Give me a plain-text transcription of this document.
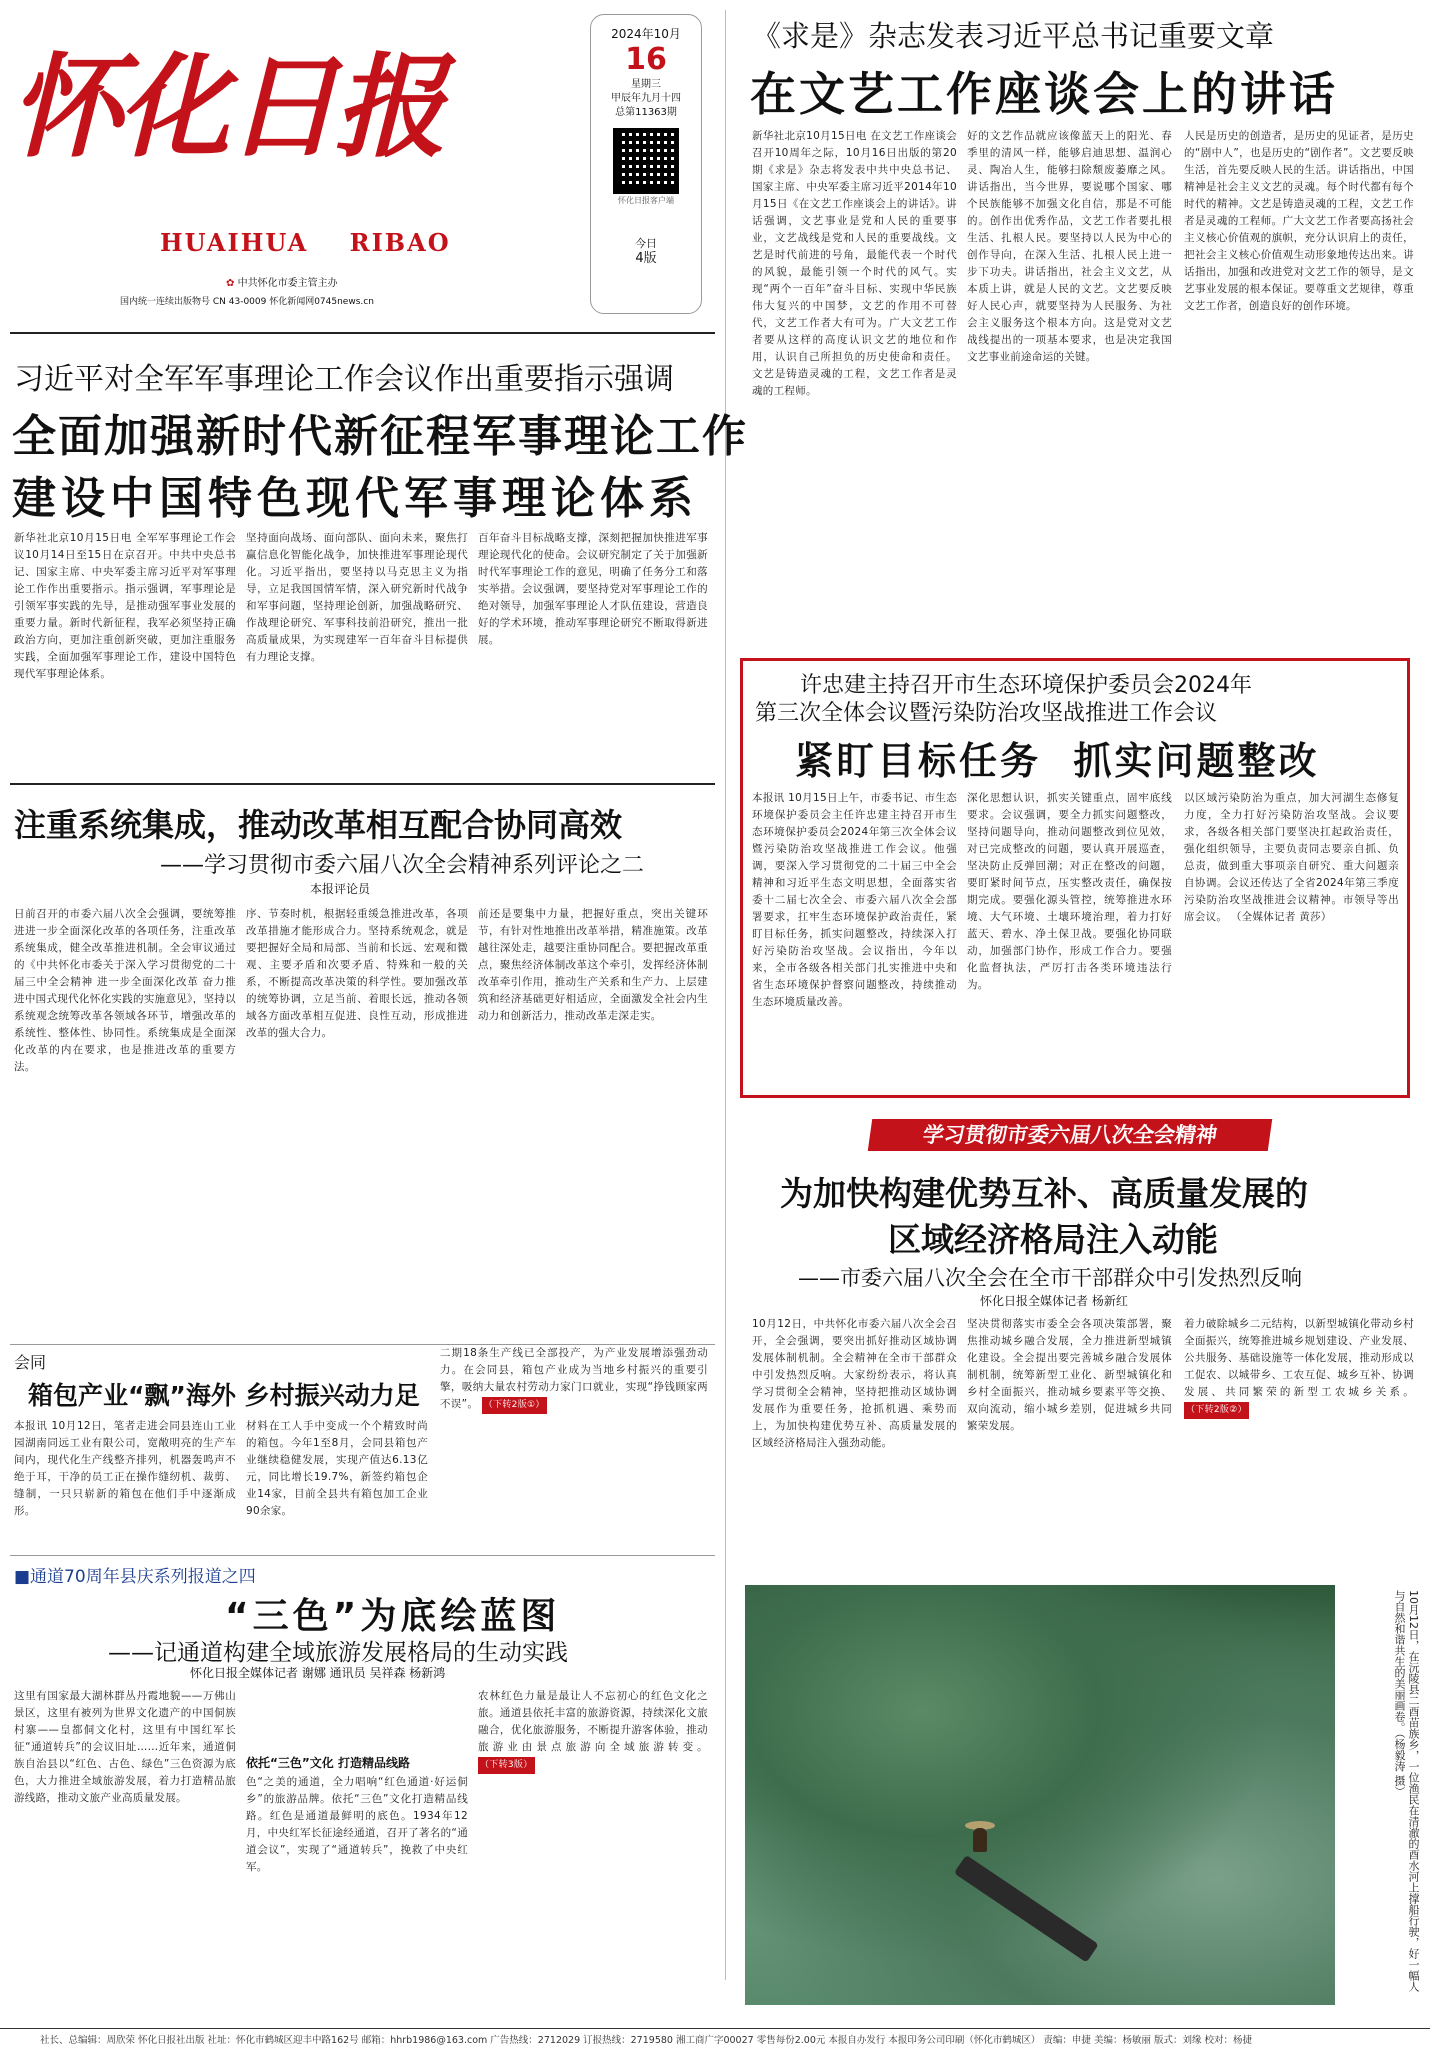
怀化日报
HUAIHUA    RIBAO
✿ 中共怀化市委主管主办
国内统一连续出版物号 CN 43-0009 怀化新闻网0745news.cn
2024年10月
16
星期三
甲辰年九月十四
总第11363期
怀化日报客户端
今日
4版
《求是》杂志发表习近平总书记重要文章
在文艺工作座谈会上的讲话
新华社北京10月15日电 在文艺工作座谈会召开10周年之际，10月16日出版的第20期《求是》杂志将发表中共中央总书记、国家主席、中央军委主席习近平2014年10月15日《在文艺工作座谈会上的讲话》。讲话强调，文艺事业是党和人民的重要事业，文艺战线是党和人民的重要战线。文艺是时代前进的号角，最能代表一个时代的风貌，最能引领一个时代的风气。实现“两个一百年”奋斗目标、实现中华民族伟大复兴的中国梦，文艺的作用不可替代，文艺工作者大有可为。广大文艺工作者要从这样的高度认识文艺的地位和作用，认识自己所担负的历史使命和责任。文艺是铸造灵魂的工程，文艺工作者是灵魂的工程师。
好的文艺作品就应该像蓝天上的阳光、春季里的清风一样，能够启迪思想、温润心灵、陶冶人生，能够扫除颓废萎靡之风。讲话指出，当今世界，要说哪个国家、哪个民族能够不加强文化自信，那是不可能的。创作出优秀作品，文艺工作者要扎根生活、扎根人民。要坚持以人民为中心的创作导向，在深入生活、扎根人民上进一步下功夫。讲话指出，社会主义文艺，从本质上讲，就是人民的文艺。文艺要反映好人民心声，就要坚持为人民服务、为社会主义服务这个根本方向。这是党对文艺战线提出的一项基本要求，也是决定我国文艺事业前途命运的关键。
人民是历史的创造者，是历史的见证者，是历史的“剧中人”，也是历史的“剧作者”。文艺要反映生活，首先要反映人民的生活。讲话指出，中国精神是社会主义文艺的灵魂。每个时代都有每个时代的精神。文艺是铸造灵魂的工程，文艺工作者是灵魂的工程师。广大文艺工作者要高扬社会主义核心价值观的旗帜，充分认识肩上的责任，把社会主义核心价值观生动形象地传达出来。讲话指出，加强和改进党对文艺工作的领导，是文艺事业发展的根本保证。要尊重文艺规律，尊重文艺工作者，创造良好的创作环境。
习近平对全军军事理论工作会议作出重要指示强调
全面加强新时代新征程军事理论工作
建设中国特色现代军事理论体系
新华社北京10月15日电 全军军事理论工作会议10月14日至15日在京召开。中共中央总书记、国家主席、中央军委主席习近平对军事理论工作作出重要指示。指示强调，军事理论是引领军事实践的先导，是推动强军事业发展的重要力量。新时代新征程，我军必须坚持正确政治方向，更加注重创新突破，更加注重服务实践，全面加强军事理论工作，建设中国特色现代军事理论体系。
坚持面向战场、面向部队、面向未来，聚焦打赢信息化智能化战争，加快推进军事理论现代化。习近平指出，要坚持以马克思主义为指导，立足我国国情军情，深入研究新时代战争和军事问题，坚持理论创新，加强战略研究、作战理论研究、军事科技前沿研究，推出一批高质量成果，为实现建军一百年奋斗目标提供有力理论支撑。
百年奋斗目标战略支撑，深刻把握加快推进军事理论现代化的使命。会议研究制定了关于加强新时代军事理论工作的意见，明确了任务分工和落实举措。会议强调，要坚持党对军事理论工作的绝对领导，加强军事理论人才队伍建设，营造良好的学术环境，推动军事理论研究不断取得新进展。
注重系统集成，推动改革相互配合协同高效
——学习贯彻市委六届八次全会精神系列评论之二
本报评论员
日前召开的市委六届八次全会强调，要统筹推进进一步全面深化改革的各项任务，注重改革系统集成，健全改革推进机制。全会审议通过的《中共怀化市委关于深入学习贯彻党的二十届三中全会精神 进一步全面深化改革 奋力推进中国式现代化怀化实践的实施意见》，坚持以系统观念统筹改革各领域各环节，增强改革的系统性、整体性、协同性。系统集成是全面深化改革的内在要求，也是推进改革的重要方法。
序、节奏时机，根据轻重缓急推进改革，各项改革措施才能形成合力。坚持系统观念，就是要把握好全局和局部、当前和长远、宏观和微观、主要矛盾和次要矛盾、特殊和一般的关系，不断提高改革决策的科学性。要加强改革的统筹协调，立足当前、着眼长远，推动各领域各方面改革相互促进、良性互动，形成推进改革的强大合力。
前还是要集中力量，把握好重点，突出关键环节，有针对性地推出改革举措，精准施策。改革越往深处走，越要注重协同配合。要把握改革重点，聚焦经济体制改革这个牵引，发挥经济体制改革牵引作用，推动生产关系和生产力、上层建筑和经济基础更好相适应，全面激发全社会内生动力和创新活力，推动改革走深走实。
会同
箱包产业“飘”海外 乡村振兴动力足
本报讯 10月12日，笔者走进会同县连山工业园湖南同远工业有限公司，宽敞明亮的生产车间内，现代化生产线整齐排列，机器轰鸣声不绝于耳，干净的员工正在操作缝纫机、裁剪、缝制，一只只崭新的箱包在他们手中逐渐成形。
材料在工人手中变成一个个精致时尚的箱包。今年1至8月，会同县箱包产业继续稳健发展，实现产值达6.13亿元，同比增长19.7%，新签约箱包企业14家，目前全县共有箱包加工企业90余家。
二期18条生产线已全部投产，为产业发展增添强劲动力。在会同县，箱包产业成为当地乡村振兴的重要引擎，吸纳大量农村劳动力家门口就业，实现“挣钱顾家两不误”。 （下转2版①）
■通道70周年县庆系列报道之四
“三色”为底绘蓝图
——记通道构建全域旅游发展格局的生动实践
怀化日报全媒体记者 谢娜 通讯员 吴祥森 杨新鸿
这里有国家最大湖林群丛丹霞地貌——万佛山景区，这里有被列为世界文化遗产的中国侗族村寨——皇都侗文化村，这里有中国红军长征“通道转兵”的会议旧址……近年来，通道侗族自治县以“红色、古色、绿色”三色资源为底色，大力推进全域旅游发展，着力打造精品旅游线路，推动文旅产业高质量发展。
依托“三色”文化 打造精品线路
色“之美的通道，全力唱响“红色通道·好运侗乡”的旅游品牌。依托“三色”文化打造精品线路。红色是通道最鲜明的底色。1934年12月，中央红军长征途经通道，召开了著名的“通道会议”，实现了“通道转兵”，挽救了中央红军。
农林红色力量是最让人不忘初心的红色文化之旅。通道县依托丰富的旅游资源，持续深化文旅融合，优化旅游服务，不断提升游客体验，推动旅游业由景点旅游向全域旅游转变。 （下转3版）
许忠建主持召开市生态环境保护委员会2024年
第三次全体会议暨污染防治攻坚战推进工作会议
紧盯目标任务  抓实问题整改
本报讯 10月15日上午，市委书记、市生态环境保护委员会主任许忠建主持召开市生态环境保护委员会2024年第三次全体会议暨污染防治攻坚战推进工作会议。他强调，要深入学习贯彻党的二十届三中全会精神和习近平生态文明思想，全面落实省委十二届七次全会、市委六届八次全会部署要求，扛牢生态环境保护政治责任，紧盯目标任务，抓实问题整改，持续深入打好污染防治攻坚战。会议指出，今年以来，全市各级各相关部门扎实推进中央和省生态环境保护督察问题整改，持续推动生态环境质量改善。
深化思想认识，抓实关键重点，固牢底线要求。会议强调，要全力抓实问题整改，坚持问题导向，推动问题整改到位见效，对已完成整改的问题，要认真开展巡查，坚决防止反弹回潮；对正在整改的问题，要盯紧时间节点，压实整改责任，确保按期完成。要强化源头管控，统筹推进水环境、大气环境、土壤环境治理，着力打好蓝天、碧水、净土保卫战。要强化协同联动，加强部门协作，形成工作合力。要强化监督执法，严厉打击各类环境违法行为。
以区域污染防治为重点，加大河湖生态修复力度，全力打好污染防治攻坚战。会议要求，各级各相关部门要坚决扛起政治责任，强化组织领导，主要负责同志要亲自抓、负总责，做到重大事项亲自研究、重大问题亲自协调。会议还传达了全省2024年第三季度污染防治攻坚战推进会议精神。市领导等出席会议。 （全媒体记者 黄莎）
学习贯彻市委六届八次全会精神
为加快构建优势互补、高质量发展的
区域经济格局注入动能
——市委六届八次全会在全市干部群众中引发热烈反响
怀化日报全媒体记者 杨新红
10月12日，中共怀化市委六届八次全会召开，全会强调，要突出抓好推动区域协调发展体制机制。全会精神在全市干部群众中引发热烈反响。大家纷纷表示，将认真学习贯彻全会精神，坚持把推动区域协调发展作为重要任务，抢抓机遇、乘势而上，为加快构建优势互补、高质量发展的区域经济格局注入强劲动能。
坚决贯彻落实市委全会各项决策部署，聚焦推动城乡融合发展，全力推进新型城镇化建设。全会提出要完善城乡融合发展体制机制，统筹新型工业化、新型城镇化和乡村全面振兴，推动城乡要素平等交换、双向流动，缩小城乡差别，促进城乡共同繁荣发展。
着力破除城乡二元结构，以新型城镇化带动乡村全面振兴，统筹推进城乡规划建设、产业发展、公共服务、基础设施等一体化发展，推动形成以工促农、以城带乡、工农互促、城乡互补、协调发展、共同繁荣的新型工农城乡关系。 （下转2版②）
10月12日，在沅陵县二酉苗族乡，一位渔民在清澈的酉水河上撑船行驶，好一幅人与自然和谐共生的美丽画卷。（杨毅涛 摄）
社长、总编辑：周欣荣 怀化日报社出版 社址：怀化市鹤城区迎丰中路162号 邮箱：hhrb1986@163.com 广告热线：2712029 订报热线：2719580 湘工商广字00027 零售每份2.00元 本报自办发行 本报印务公司印刷（怀化市鹤城区） 责编：申捷 美编：杨敏丽 版式：刘缘 校对：杨捷
